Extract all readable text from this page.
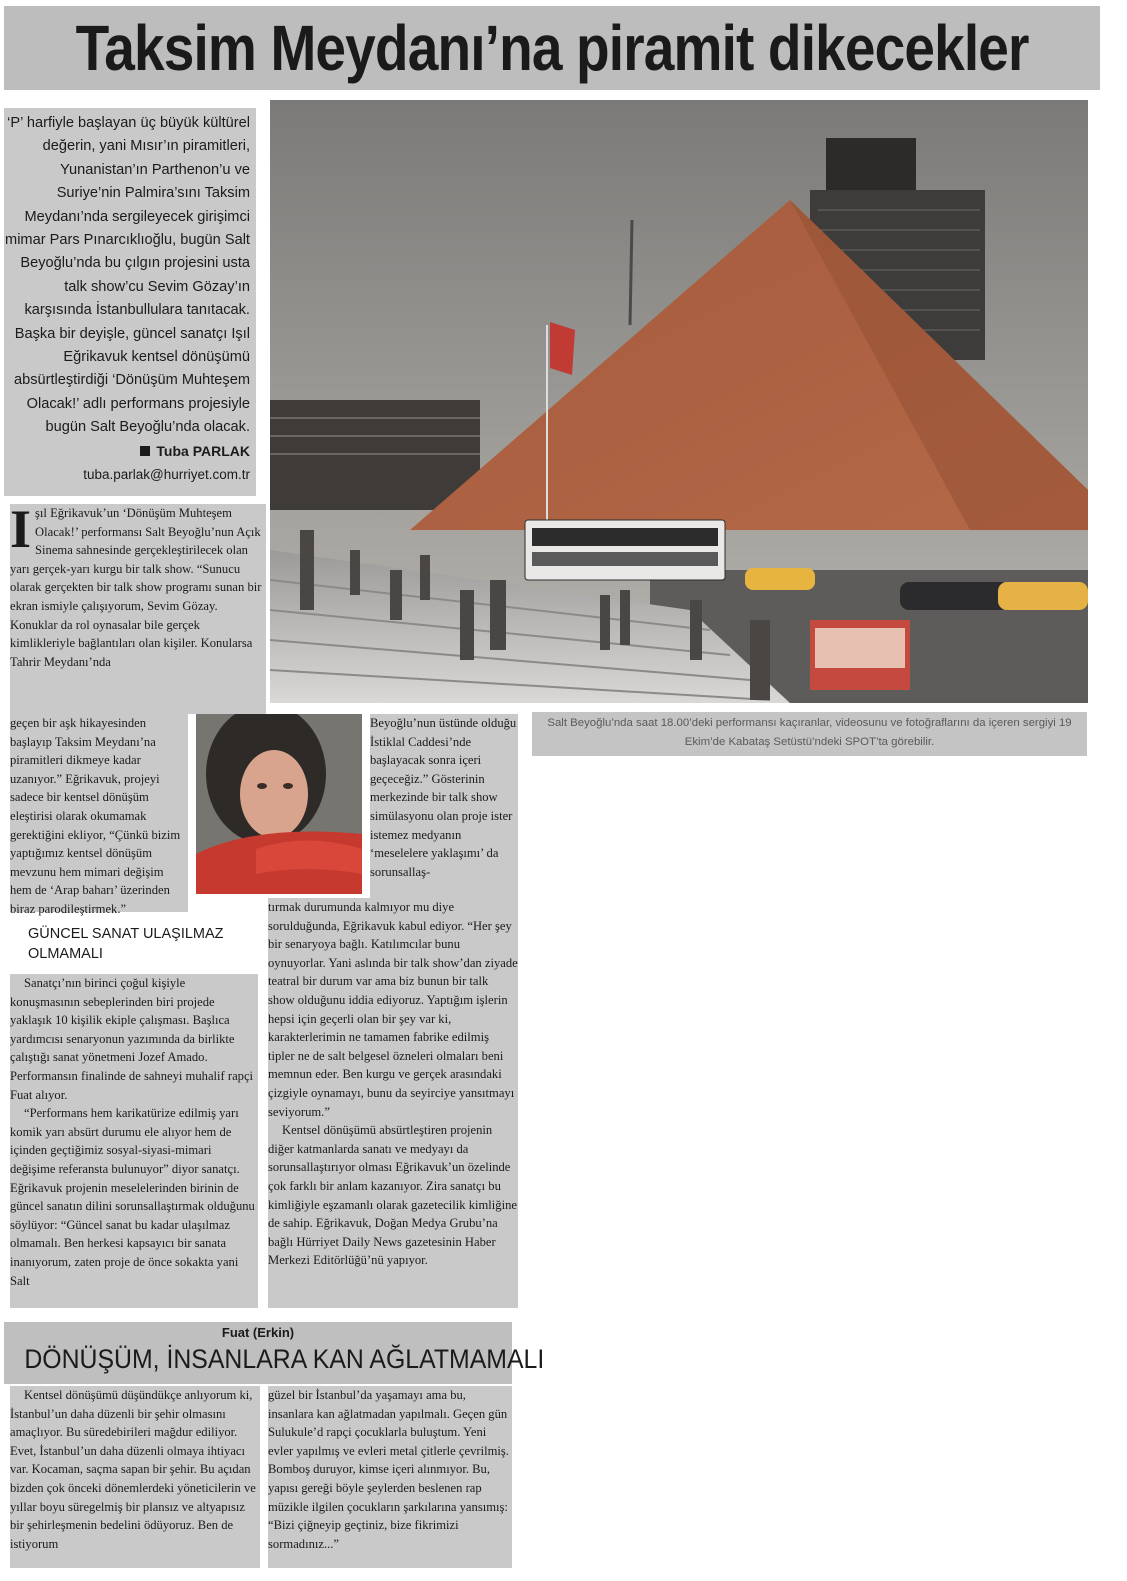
Taksim Meydanı’na piramit dikecekler

‘P’ harfiyle başlayan üç büyük kültürel değerin, yani Mısır’ın piramitleri, Yunanistan’ın Parthenon’u ve Suriye’nin Palmira’sını Taksim Meydanı’nda sergileyecek girişimci mimar Pars Pınarcıklıoğlu, bugün Salt Beyoğlu’nda bu çılgın projesini usta talk show’cu Sevim Gözay’ın karşısında İstanbullulara tanıtacak. Başka bir deyişle, güncel sanatçı Işıl Eğrikavuk kentsel dönüşümü absürtleştirdiği ‘Dönüşüm Muhteşem Olacak!’ adlı performans projesiyle bugün Salt Beyoğlu’nda olacak.

Tuba PARLAK

tuba.parlak@hurriyet.com.tr

Salt Beyoğlu’nda saat 18.00’deki performansı kaçıranlar, videosunu ve fotoğraflarını da içeren sergiyi 19 Ekim’de Kabataş Setüstü’ndeki SPOT’ta görebilir.

Işıl Eğrikavuk’un ‘Dönüşüm Muhteşem Olacak!’ performansı Salt Beyoğlu’nun Açık Sinema sahnesinde gerçekleştirilecek olan yarı gerçek-yarı kurgu bir talk show. “Sunucu olarak gerçekten bir talk show programı sunan bir ekran ismiyle çalışıyorum, Sevim Gözay. Konuklar da rol oynasalar bile gerçek kimlikleriyle bağlantıları olan kişiler. Konularsa Tahrir Meydanı’nda

geçen bir aşk hikayesinden başlayıp Taksim Meydanı’na piramitleri dikmeye kadar uzanıyor.” Eğrikavuk, projeyi sadece bir kentsel dönüşüm eleştirisi olarak okumamak gerektiğini ekliyor, “Çünkü bizim yaptığımız kentsel dönüşüm mevzunu hem mimari değişim hem de ‘Arap baharı’ üzerinden biraz parodileştirmek.”

Beyoğlu’nun üstünde olduğu İstiklal Caddesi’nde başlayacak sonra içeri geçeceğiz.” Gösterinin merkezinde bir talk show simülasyonu olan proje ister istemez medyanın ‘meselelere yaklaşımı’ da sorunsallaş-

GÜNCEL SANAT ULAŞILMAZ OLMAMALI

Sanatçı’nın birinci çoğul kişiyle konuşmasının sebeplerinden biri projede yaklaşık 10 kişilik ekiple çalışması. Başlıca yardımcısı senaryonun yazımında da birlikte çalıştığı sanat yönetmeni Jozef Amado. Performansın finalinde de sahneyi muhalif rapçi Fuat alıyor.

“Performans hem karikatürize edilmiş yarı komik yarı absürt durumu ele alıyor hem de içinden geçtiğimiz sosyal-siyasi-mimari değişime referansta bulunuyor” diyor sanatçı. Eğrikavuk projenin meselelerinden birinin de güncel sanatın dilini sorunsallaştırmak olduğunu söylüyor: “Güncel sanat bu kadar ulaşılmaz olmamalı. Ben herkesi kapsayıcı bir sanata inanıyorum, zaten proje de önce sokakta yani Salt

tırmak durumunda kalmıyor mu diye sorulduğunda, Eğrikavuk kabul ediyor. “Her şey bir senaryoya bağlı. Katılımcılar bunu oynuyorlar. Yani aslında bir talk show’dan ziyade teatral bir durum var ama biz bunun bir talk show olduğunu iddia ediyoruz. Yaptığım işlerin hepsi için geçerli olan bir şey var ki, karakterlerimin ne tamamen fabrike edilmiş tipler ne de salt belgesel özneleri olmaları beni memnun eder. Ben kurgu ve gerçek arasındaki çizgiyle oynamayı, bunu da seyirciye yansıtmayı seviyorum.”

Kentsel dönüşümü absürtleştiren projenin diğer katmanlarda sanatı ve medyayı da sorunsallaştırıyor olması Eğrikavuk’un özelinde çok farklı bir anlam kazanıyor. Zira sanatçı bu kimliğiyle eşzamanlı olarak gazetecilik kimliğine de sahip. Eğrikavuk, Doğan Medya Grubu’na bağlı Hürriyet Daily News gazetesinin Haber Merkezi Editörlüğü’nü yapıyor.

Fuat (Erkin)
DÖNÜŞÜM, İNSANLARA KAN AĞLATMAMALI

Kentsel dönüşümü düşündükçe anlıyorum ki, İstanbul’un daha düzenli bir şehir olmasını amaçlıyor. Bu süredebirileri mağdur ediliyor. Evet, İstanbul’un daha düzenli olmaya ihtiyacı var. Kocaman, saçma sapan bir şehir. Bu açıdan bizden çok önceki dönemlerdeki yöneticilerin ve yıllar boyu süregelmiş bir plansız ve altyapısız bir şehirleşmenin bedelini ödüyoruz. Ben de istiyorum

güzel bir İstanbul’da yaşamayı ama bu, insanlara kan ağlatmadan yapılmalı. Geçen gün Sulukule’d rapçi çocuklarla buluştum. Yeni evler yapılmış ve evleri metal çitlerle çevrilmiş. Bomboş duruyor, kimse içeri alınmıyor. Bu, yapısı gereği böyle şeylerden beslenen rap müzikle ilgilen çocukların şarkılarına yansımış: “Bizi çiğneyip geçtiniz, bize fikrimizi sormadınız...”
